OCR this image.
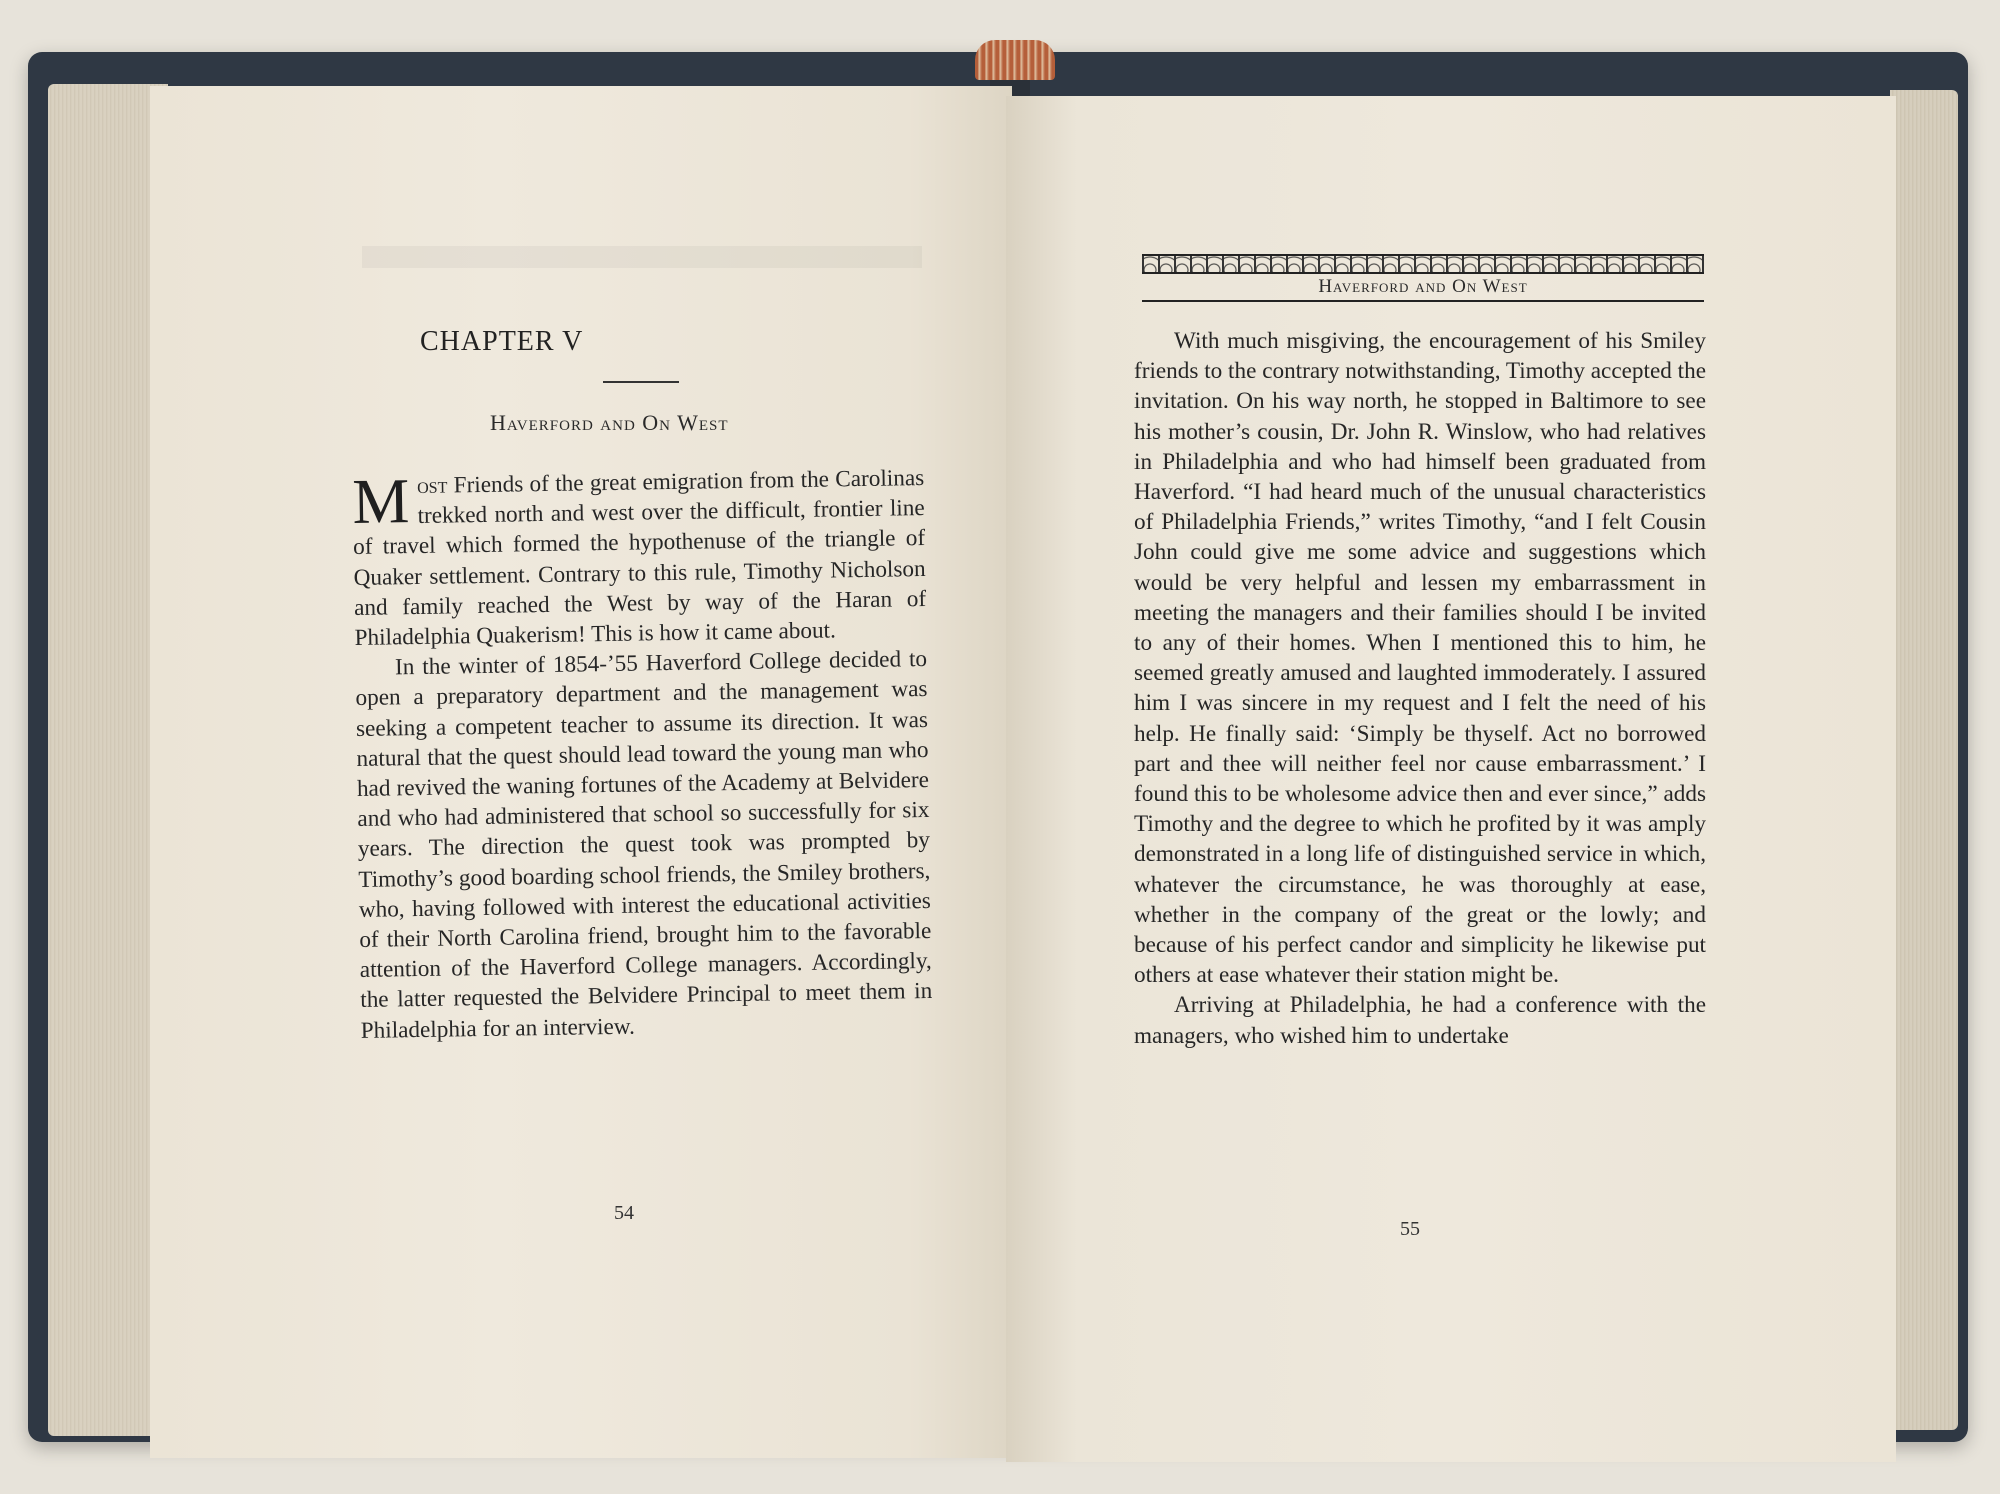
CHAPTER V
Haverford and On West

Most Friends of the great emigration from the Carolinas trekked north and west over the difficult, frontier line of travel which formed the hypothenuse of the triangle of Quaker settlement. Contrary to this rule, Timothy Nicholson and family reached the West by way of the Haran of Philadelphia Quakerism! This is how it came about.

In the winter of 1854-’55 Haverford College decided to open a preparatory department and the management was seeking a competent teacher to assume its direction. It was natural that the quest should lead toward the young man who had revived the waning fortunes of the Academy at Belvidere and who had administered that school so successfully for six years. The direction the quest took was prompted by Timothy’s good boarding school friends, the Smiley brothers, who, having followed with interest the educational activities of their North Carolina friend, brought him to the favorable attention of the Haverford College managers. Accordingly, the latter requested the Belvidere Principal to meet them in Philadelphia for an interview.

54
Haverford and On West

With much misgiving, the encouragement of his Smiley friends to the contrary notwithstanding, Timothy accepted the invitation. On his way north, he stopped in Baltimore to see his mother’s cousin, Dr. John R. Winslow, who had relatives in Philadelphia and who had himself been graduated from Haverford. “I had heard much of the unusual characteristics of Philadelphia Friends,” writes Timothy, “and I felt Cousin John could give me some advice and suggestions which would be very helpful and lessen my embarrassment in meeting the managers and their families should I be invited to any of their homes. When I mentioned this to him, he seemed greatly amused and laughted immoderately. I assured him I was sincere in my request and I felt the need of his help. He finally said: ‘Simply be thyself. Act no borrowed part and thee will neither feel nor cause embarrassment.’ I found this to be wholesome advice then and ever since,” adds Timothy and the degree to which he profited by it was amply demonstrated in a long life of distinguished service in which, whatever the circumstance, he was thoroughly at ease, whether in the company of the great or the lowly; and because of his perfect candor and simplicity he likewise put others at ease whatever their station might be.

Arriving at Philadelphia, he had a conference with the managers, who wished him to undertake

55
